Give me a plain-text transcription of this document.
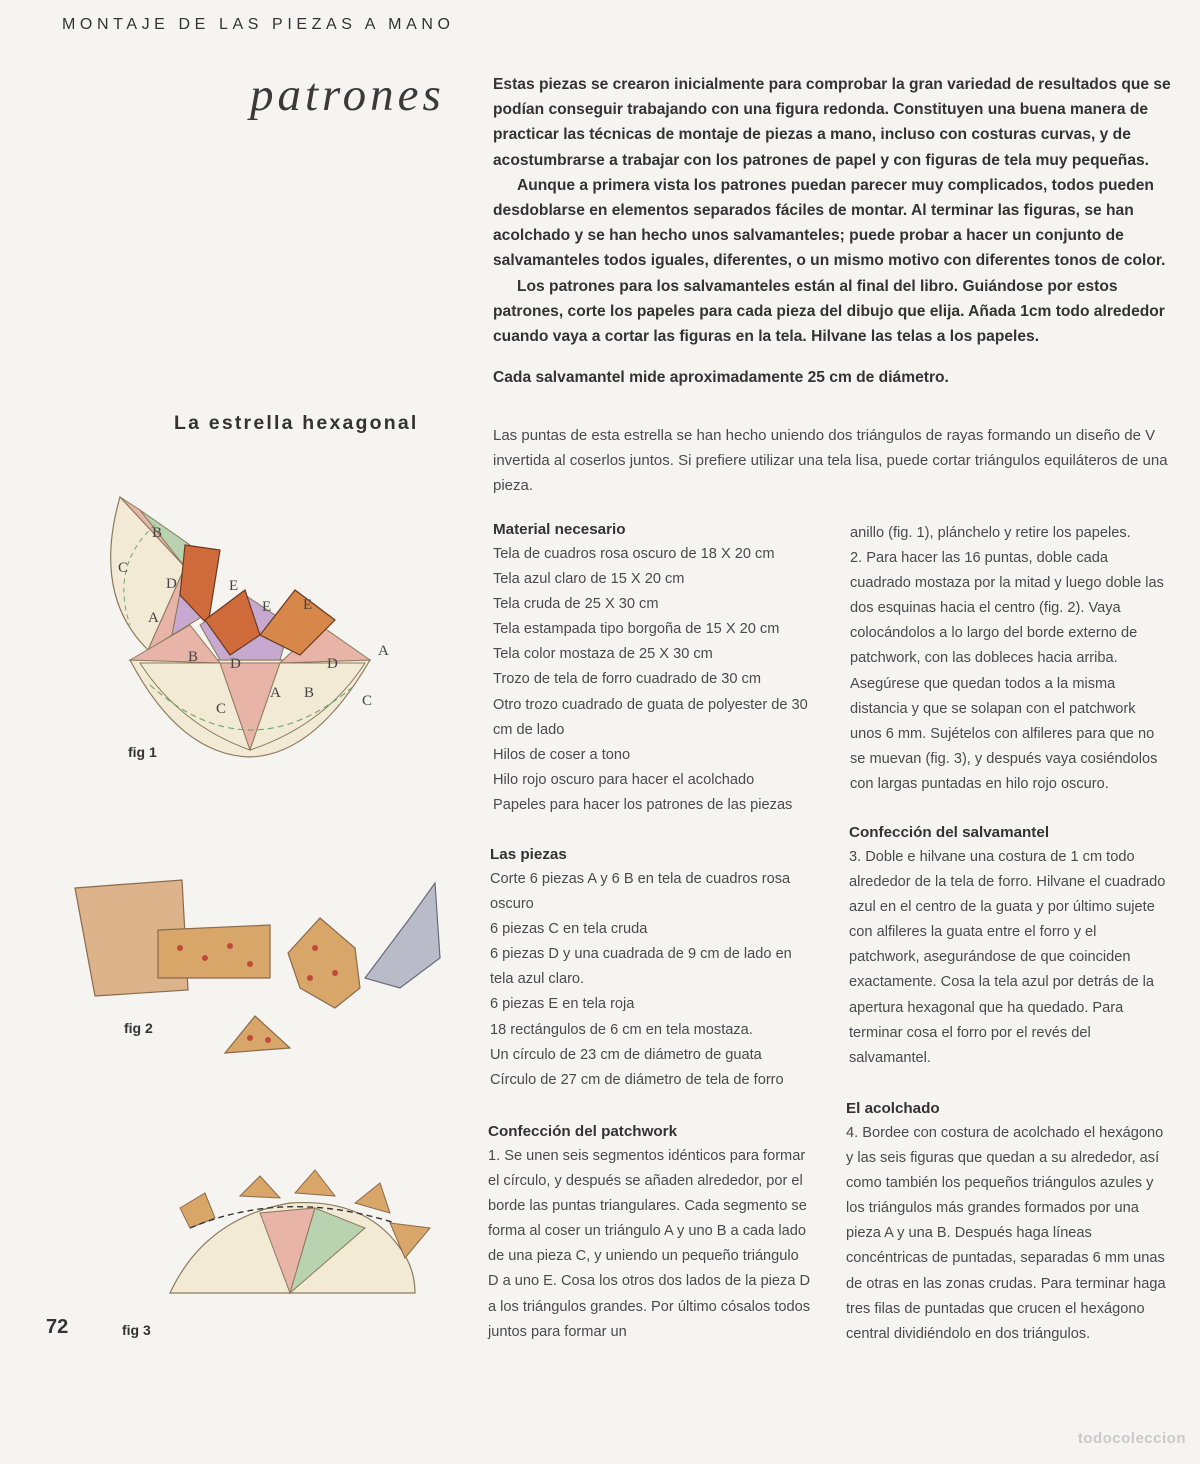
MONTAJE DE LAS PIEZAS A MANO
patrones	Estas piezas se crearon inicialmente para comprobar la gran variedad de resultados que se podían conseguir trabajando con una figura redonda. Constituyen una buena manera de practicar las técnicas de montaje de piezas a mano, incluso con costuras curvas, y de acostumbrarse a trabajar con los patrones de papel y con figuras de tela muy pequeñas.

Aunque a primera vista los patrones puedan parecer muy complicados, todos pueden desdoblarse en elementos separados fáciles de montar. Al terminar las figuras, se han acolchado y se han hecho unos salvamanteles; puede probar a hacer un conjunto de salvamanteles todos iguales, diferentes, o un mismo motivo con diferentes tonos de color.

Los patrones para los salvamanteles están al final del libro. Guiándose por estos patrones, corte los papeles para cada pieza del dibujo que elija. Añada 1cm todo alrededor cuando vaya a cortar las figuras en la tela. Hilvane las telas a los papeles.

Cada salvamantel mide aproximadamente 25 cm de diámetro.
La estrella hexagonal

Las puntas de esta estrella se han hecho uniendo dos triángulos de rayas formando un diseño de V invertida al coserlos juntos. Si prefiere utilizar una tela lisa, puede cortar triángulos equiláteros de una pieza.

Material necesario

Tela de cuadros rosa oscuro de 18 X 20 cm

Tela azul claro de 15 X 20 cm

Tela cruda de 25 X 30 cm

Tela estampada tipo borgoña de 15 X 20 cm

Tela color mostaza de 25 X 30 cm

Trozo de tela de forro cuadrado de 30 cm

Otro trozo cuadrado de guata de polyester de 30 cm de lado

Hilos de coser a tono

Hilo rojo oscuro para hacer el acolchado

Papeles para hacer los patrones de las piezas

Las piezas

Corte 6 piezas A y 6 B en tela de cuadros rosa oscuro

6 piezas C en tela cruda

6 piezas D y una cuadrada de 9 cm de lado en tela azul claro.

6 piezas E en tela roja

18 rectángulos de 6 cm en tela mostaza.

Un círculo de 23 cm de diámetro de guata

Círculo de 27 cm de diámetro de tela de forro

Confección del patchwork

1. Se unen seis segmentos idénticos para formar el círculo, y después se añaden alrededor, por el borde las puntas triangulares. Cada segmento se forma al coser un triángulo A y uno B a cada lado de una pieza C, y uniendo un pequeño triángulo D a uno E. Cosa los otros dos lados de la pieza D a los triángulos grandes. Por último cósalos todos juntos para formar un

anillo (fig. 1), plánchelo y retire los papeles.

2. Para hacer las 16 puntas, doble cada cuadrado mostaza por la mitad y luego doble las dos esquinas hacia el centro (fig. 2). Vaya colocándolos a lo largo del borde externo de patchwork, con las dobleces hacia arriba. Asegúrese que quedan todos a la misma distancia y que se solapan con el patchwork unos 6 mm. Sujételos con alfileres para que no se muevan (fig. 3), y después vaya cosiéndolos con largas puntadas en hilo rojo oscuro.

Confección del salvamantel

3. Doble e hilvane una costura de 1 cm todo alrededor de la tela de forro. Hilvane el cuadrado azul en el centro de la guata y por último sujete con alfileres la guata entre el forro y el patchwork, asegurándose de que coinciden exactamente. Cosa la tela azul por detrás de la apertura hexagonal que ha quedado. Para terminar cosa el forro por el revés del salvamantel.

El acolchado

4. Bordee con costura de acolchado el hexágono y las seis figuras que quedan a su alrededor, así como también los pequeños triángulos azules y los triángulos más grandes formados por una pieza A y una B. Después haga líneas concéntricas de puntadas, separadas 6 mm unas de otras en las zonas crudas. Para terminar haga tres filas de puntadas que crucen el hexágono central dividiéndolo en dos triángulos.

B
C
D
A
E
E E
B D	D
A
C
A B	C
fig 1
fig 2
fig 3
72
todocoleccion
